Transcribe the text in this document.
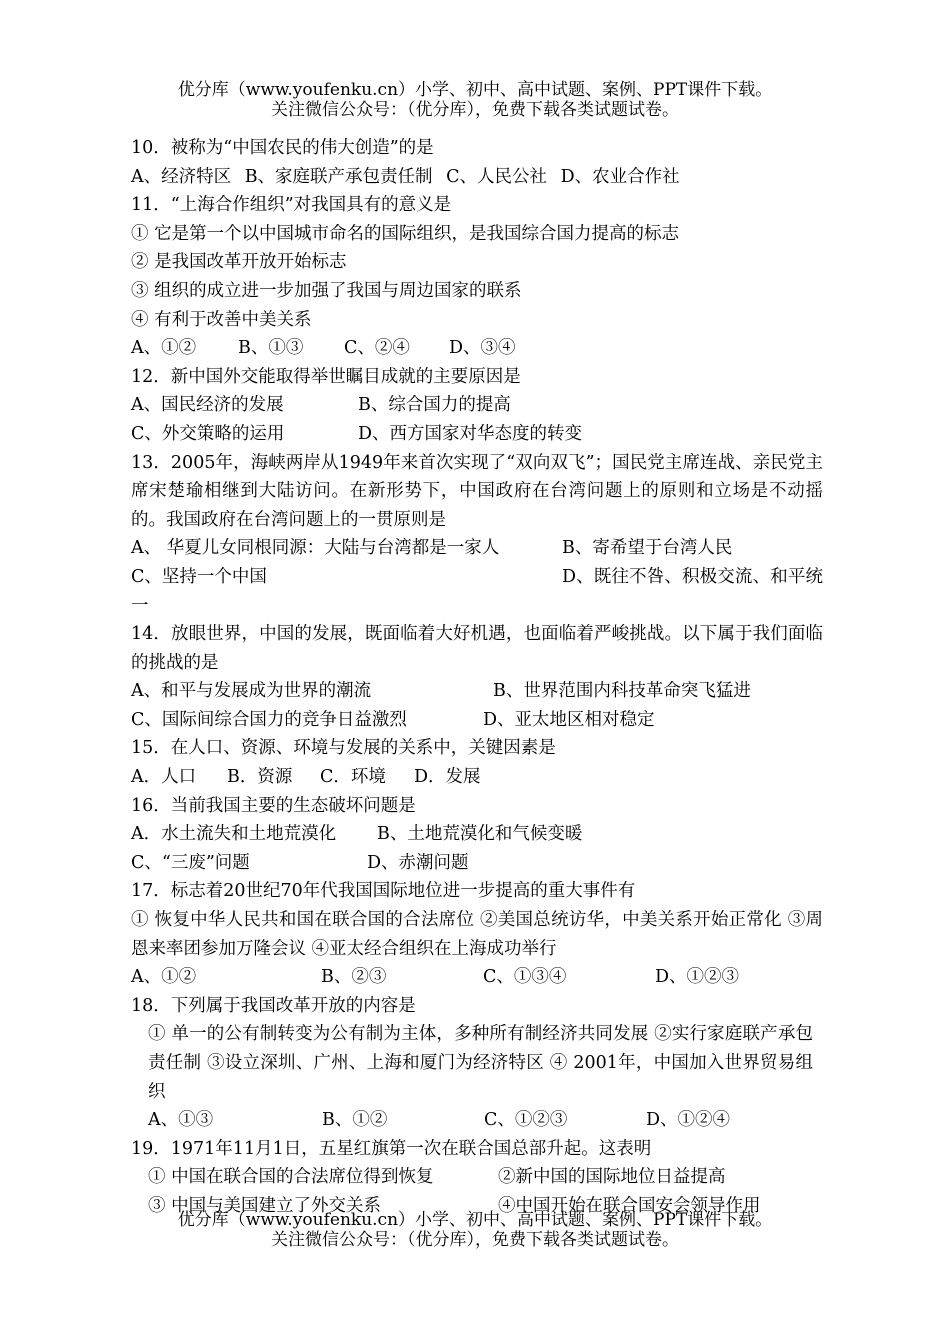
优分库（www.youfenku.cn）小学、初中、高中试题、案例、PPT课件下载。
关注微信公众号：（优分库），免费下载各类试题试卷。
10．被称为“中国农民的伟大创造”的是
A、经济特区 B、家庭联产承包责任制 C、人民公社 D、农业合作社
11．“上海合作组织”对我国具有的意义是
① 它是第一个以中国城市命名的国际组织，是我国综合国力提高的标志
② 是我国改革开放开始标志
③ 组织的成立进一步加强了我国与周边国家的联系
④ 有利于改善中美关系
A、①②	B、①③	C、②④	D、③④
12．新中国外交能取得举世瞩目成就的主要原因是
A、国民经济的发展	B、综合国力的提高
C、外交策略的运用	D、西方国家对华态度的转变
13．2005年，海峡两岸从1949年来首次实现了“双向双飞”；国民党主席连战、亲民党主席宋楚瑜相继到大陆访问。在新形势下，中国政府在台湾问题上的原则和立场是不动摇的。我国政府在台湾问题上的一贯原则是
A、 华夏儿女同根同源：大陆与台湾都是一家人	B、寄希望于台湾人民
C、坚持一个中国	D、既往不咎、积极交流、和平统一
14．放眼世界，中国的发展，既面临着大好机遇，也面临着严峻挑战。以下属于我们面临的挑战的是
A、和平与发展成为世界的潮流	B、世界范围内科技革命突飞猛进
C、国际间综合国力的竞争日益激烈	D、亚太地区相对稳定
15．在人口、资源、环境与发展的关系中，关键因素是
A．人口	B．资源	C．环境	D．发展
16．当前我国主要的生态破坏问题是
A．水土流失和土地荒漠化	B、土地荒漠化和气候变暖
C、“三废”问题	D、赤潮问题
17．标志着20世纪70年代我国国际地位进一步提高的重大事件有
① 恢复中华人民共和国在联合国的合法席位 ②美国总统访华，中美关系开始正常化 ③周恩来率团参加万隆会议 ④亚太经合组织在上海成功举行
A、①②	B、②③	C、①③④	D、①②③
18．下列属于我国改革开放的内容是
① 单一的公有制转变为公有制为主体，多种所有制经济共同发展 ②实行家庭联产承包责任制 ③设立深圳、广州、上海和厦门为经济特区 ④ 2001年，中国加入世界贸易组织
A、①③	B、①②	C、①②③	D、①②④
19．1971年11月1日，五星红旗第一次在联合国总部升起。这表明
① 中国在联合国的合法席位得到恢复	②新中国的国际地位日益提高
③ 中国与美国建立了外交关系	④中国开始在联合国安会领导作用
优分库（www.youfenku.cn）小学、初中、高中试题、案例、PPT课件下载。
关注微信公众号：（优分库），免费下载各类试题试卷。
